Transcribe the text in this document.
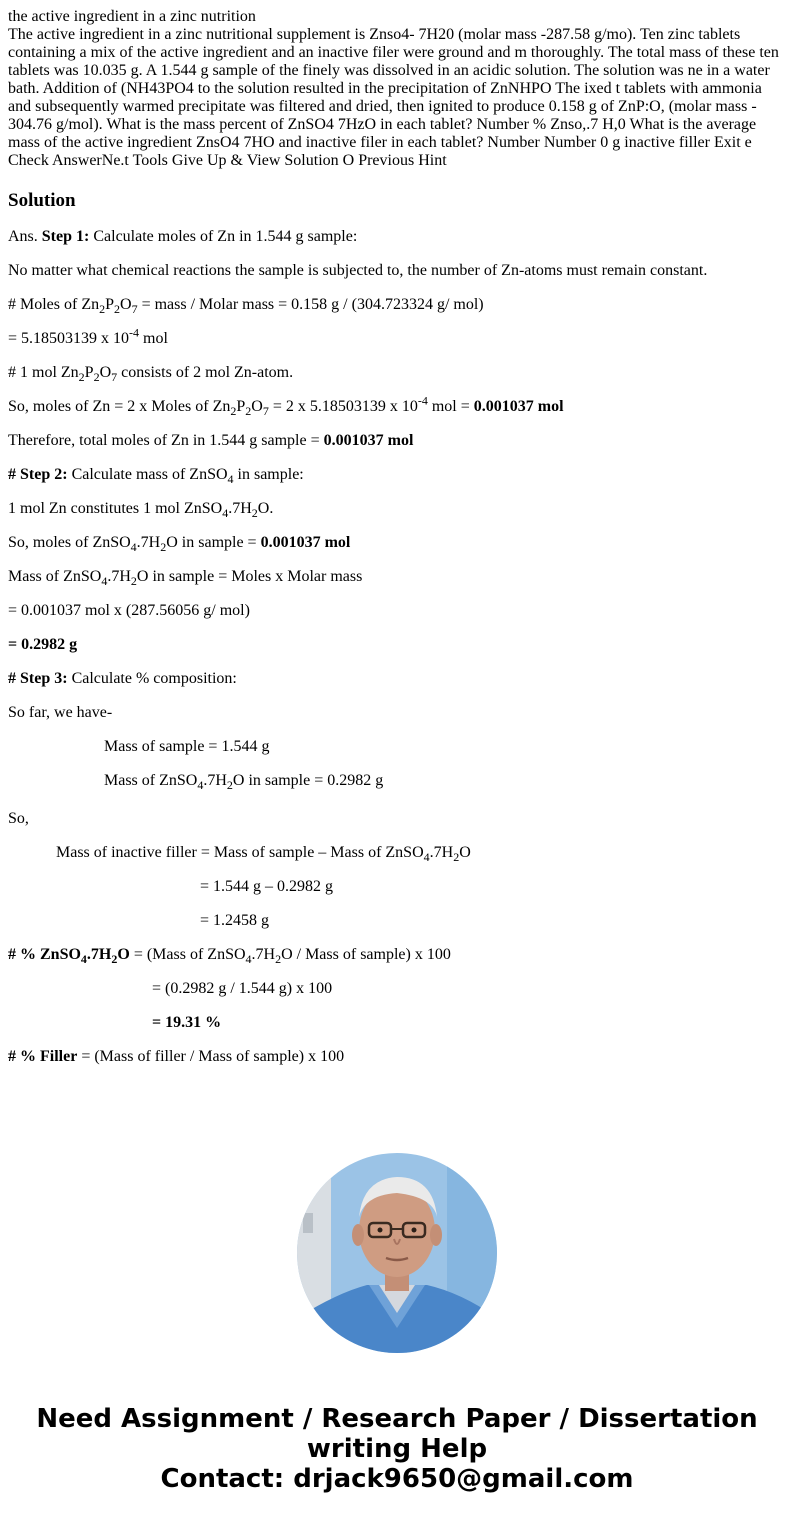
the active ingredient in a zinc nutrition
The active ingredient in a zinc nutritional supplement is Znso4- 7H20 (molar mass -287.58 g/mo). Ten zinc tablets containing a mix of the active ingredient and an inactive filer were ground and m thoroughly. The total mass of these ten tablets was 10.035 g. A 1.544 g sample of the finely was dissolved in an acidic solution. The solution was ne in a water bath. Addition of (NH43PO4 to the solution resulted in the precipitation of ZnNHPO The ixed t tablets with ammonia and subsequently warmed precipitate was filtered and dried, then ignited to produce 0.158 g of ZnP:O, (molar mass - 304.76 g/mol). What is the mass percent of ZnSO4 7HzO in each tablet? Number % Znso,.7 H,0 What is the average mass of the active ingredient ZnsO4 7HO and inactive filer in each tablet? Number Number 0 g inactive filler Exit e Check AnswerNe.t Tools Give Up & View Solution O Previous Hint
Solution

Ans. Step 1: Calculate moles of Zn in 1.544 g sample:

No matter what chemical reactions the sample is subjected to, the number of Zn-atoms must remain constant.

# Moles of $Zn_2P_2O_7$ = mass / Molar mass = 0.158 g / (304.723324 g/ mol)

= 5.18503139 x $10^{-4}$ mol

# 1 mol $Zn_2P_2O_7$ consists of 2 mol Zn-atom.

So, moles of Zn = 2 x Moles of $Zn_2P_2O_7 = 2$ x 5.18503139 x $10^{-4}$ mol = 0.001037 mol

Therefore, total moles of Zn in 1.544 g sample = 0.001037 mol

# Step 2: Calculate mass of ZnSO$_4$ in sample:

1 mol Zn constitutes 1 mol $ZnSO_4.7H_2O$.

So, moles of $ZnSO_4.7H_2O$ in sample = 0.001037 mol

Mass of $ZnSO_4.7H_2O$ in sample = Moles x Molar mass

= 0.001037 mol x (287.56056 g/ mol)

= 0.2982 g

# Step 3: Calculate % composition:

So far, we have-

Mass of sample = 1.544 g

Mass of $ZnSO_4.7H_2O$ in sample = 0.2982 g

So,

Mass of inactive filler = Mass of sample – Mass of $ZnSO_4.7H_2O$

= 1.544 g – 0.2982 g

= 1.2458 g

# % $ZnSO_4.7H_2O$ = (Mass of $ZnSO_4.7H_2O$ / Mass of sample) x 100

= (0.2982 g / 1.544 g) x 100

= 19.31 %

# % Filler = (Mass of filler / Mass of sample) x 100

Need Assignment / Research Paper / Dissertation
writing Help
Contact: drjack9650@gmail.com
